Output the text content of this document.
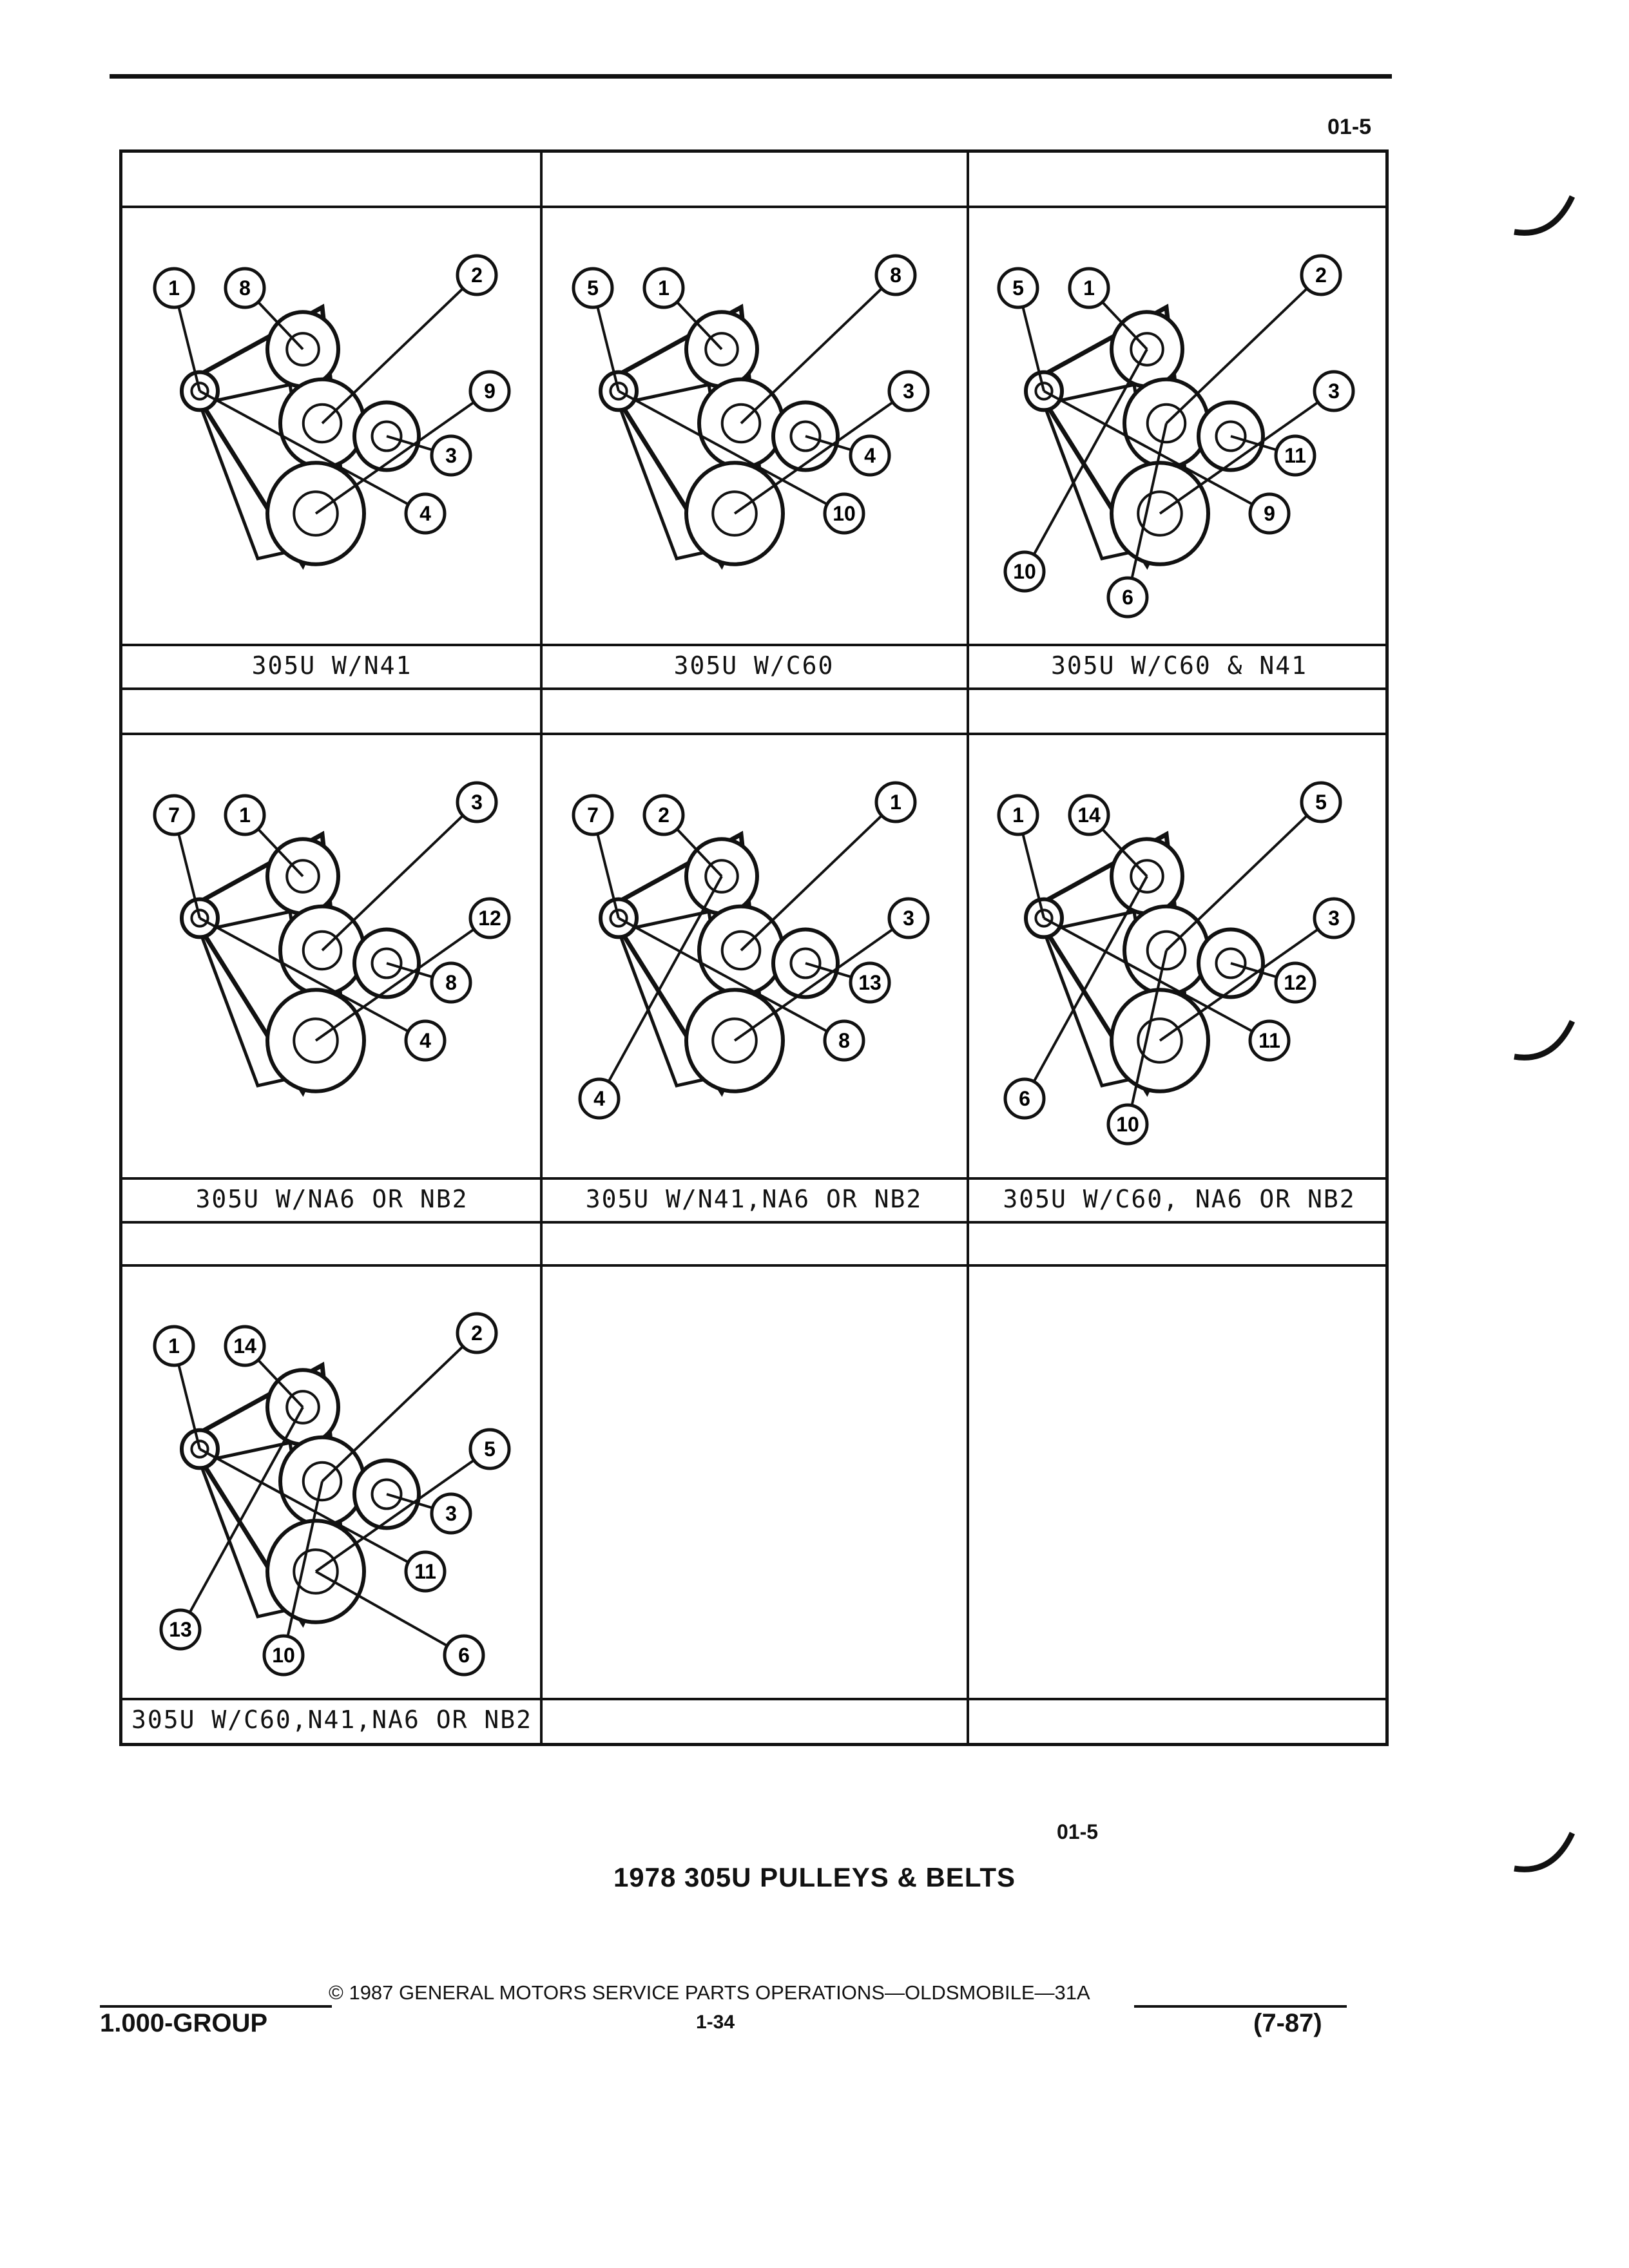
01-5
305U W/N41	305U W/C60	305U W/C60 & N41
305U W/NA6 OR NB2	305U W/N41,NA6 OR NB2	305U W/C60, NA6 OR NB2
305U W/C60,N41,NA6 OR NB2
1	8
2
9
3
4
5	1
8
3
4
10
5	1
2
3
11
9
10
6
7	1
3
12
8
4
7	2
1
3
13
8
4
1	14
5
3
12
11
6
10
1	14
2
5
3
11
13
10	6
01-5
1978 305U PULLEYS & BELTS
© 1987 GENERAL MOTORS SERVICE PARTS OPERATIONS—OLDSMOBILE—31A
1.000-GROUP	1-34	(7-87)
